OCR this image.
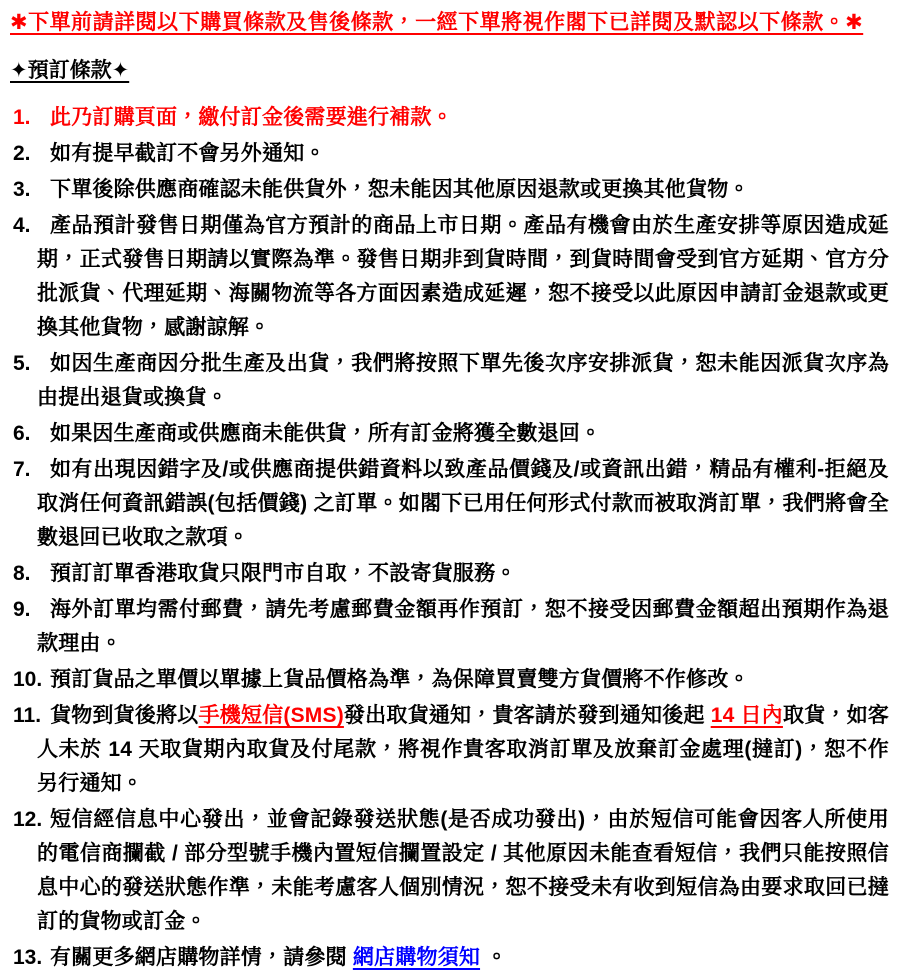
✱下單前請詳閱以下購買條款及售後條款，一經下單將視作閣下已詳閱及默認以下條款。✱
✦預訂條款✦
1. 此乃訂購頁面，繳付訂金後需要進行補款。

2. 如有提早截訂不會另外通知。

3. 下單後除供應商確認未能供貨外，恕未能因其他原因退款或更換其他貨物。

4. 產品預計發售日期僅為官方預計的商品上市日期。產品有機會由於生產安排等原因造成延期，正式發售日期請以實際為準。發售日期非到貨時間，到貨時間會受到官方延期、官方分批派貨、代理延期、海關物流等各方面因素造成延遲，恕不接受以此原因申請訂金退款或更換其他貨物，感謝諒解。

5. 如因生產商因分批生產及出貨，我們將按照下單先後次序安排派貨，恕未能因派貨次序為由提出退貨或換貨。

6. 如果因生產商或供應商未能供貨，所有訂金將獲全數退回。

7. 如有出現因錯字及/或供應商提供錯資料以致產品價錢及/或資訊出錯，精品有權利-拒絕及取消任何資訊錯誤(包括價錢) 之訂單。如閣下已用任何形式付款而被取消訂單，我們將會全數退回已收取之款項。

8. 預訂訂單香港取貨只限門市自取，不設寄貨服務。

9. 海外訂單均需付郵費，請先考慮郵費金額再作預訂，恕不接受因郵費金額超出預期作為退款理由。

10. 預訂貨品之單價以單據上貨品價格為準，為保障買賣雙方貨價將不作修改。

11. 貨物到貨後將以手機短信(SMS)發出取貨通知，貴客請於發到通知後起 14 日內取貨，如客人未於 14 天取貨期內取貨及付尾款，將視作貴客取消訂單及放棄訂金處理(撻訂)，恕不作另行通知。

12. 短信經信息中心發出，並會記錄發送狀態(是否成功發出)，由於短信可能會因客人所使用的電信商攔截 / 部分型號手機內置短信攔置設定 / 其他原因未能查看短信，我們只能按照信息中心的發送狀態作準，未能考慮客人個別情況，恕不接受未有收到短信為由要求取回已撻訂的貨物或訂金。

13. 有關更多網店購物詳情，請參閱 網店購物須知 。
